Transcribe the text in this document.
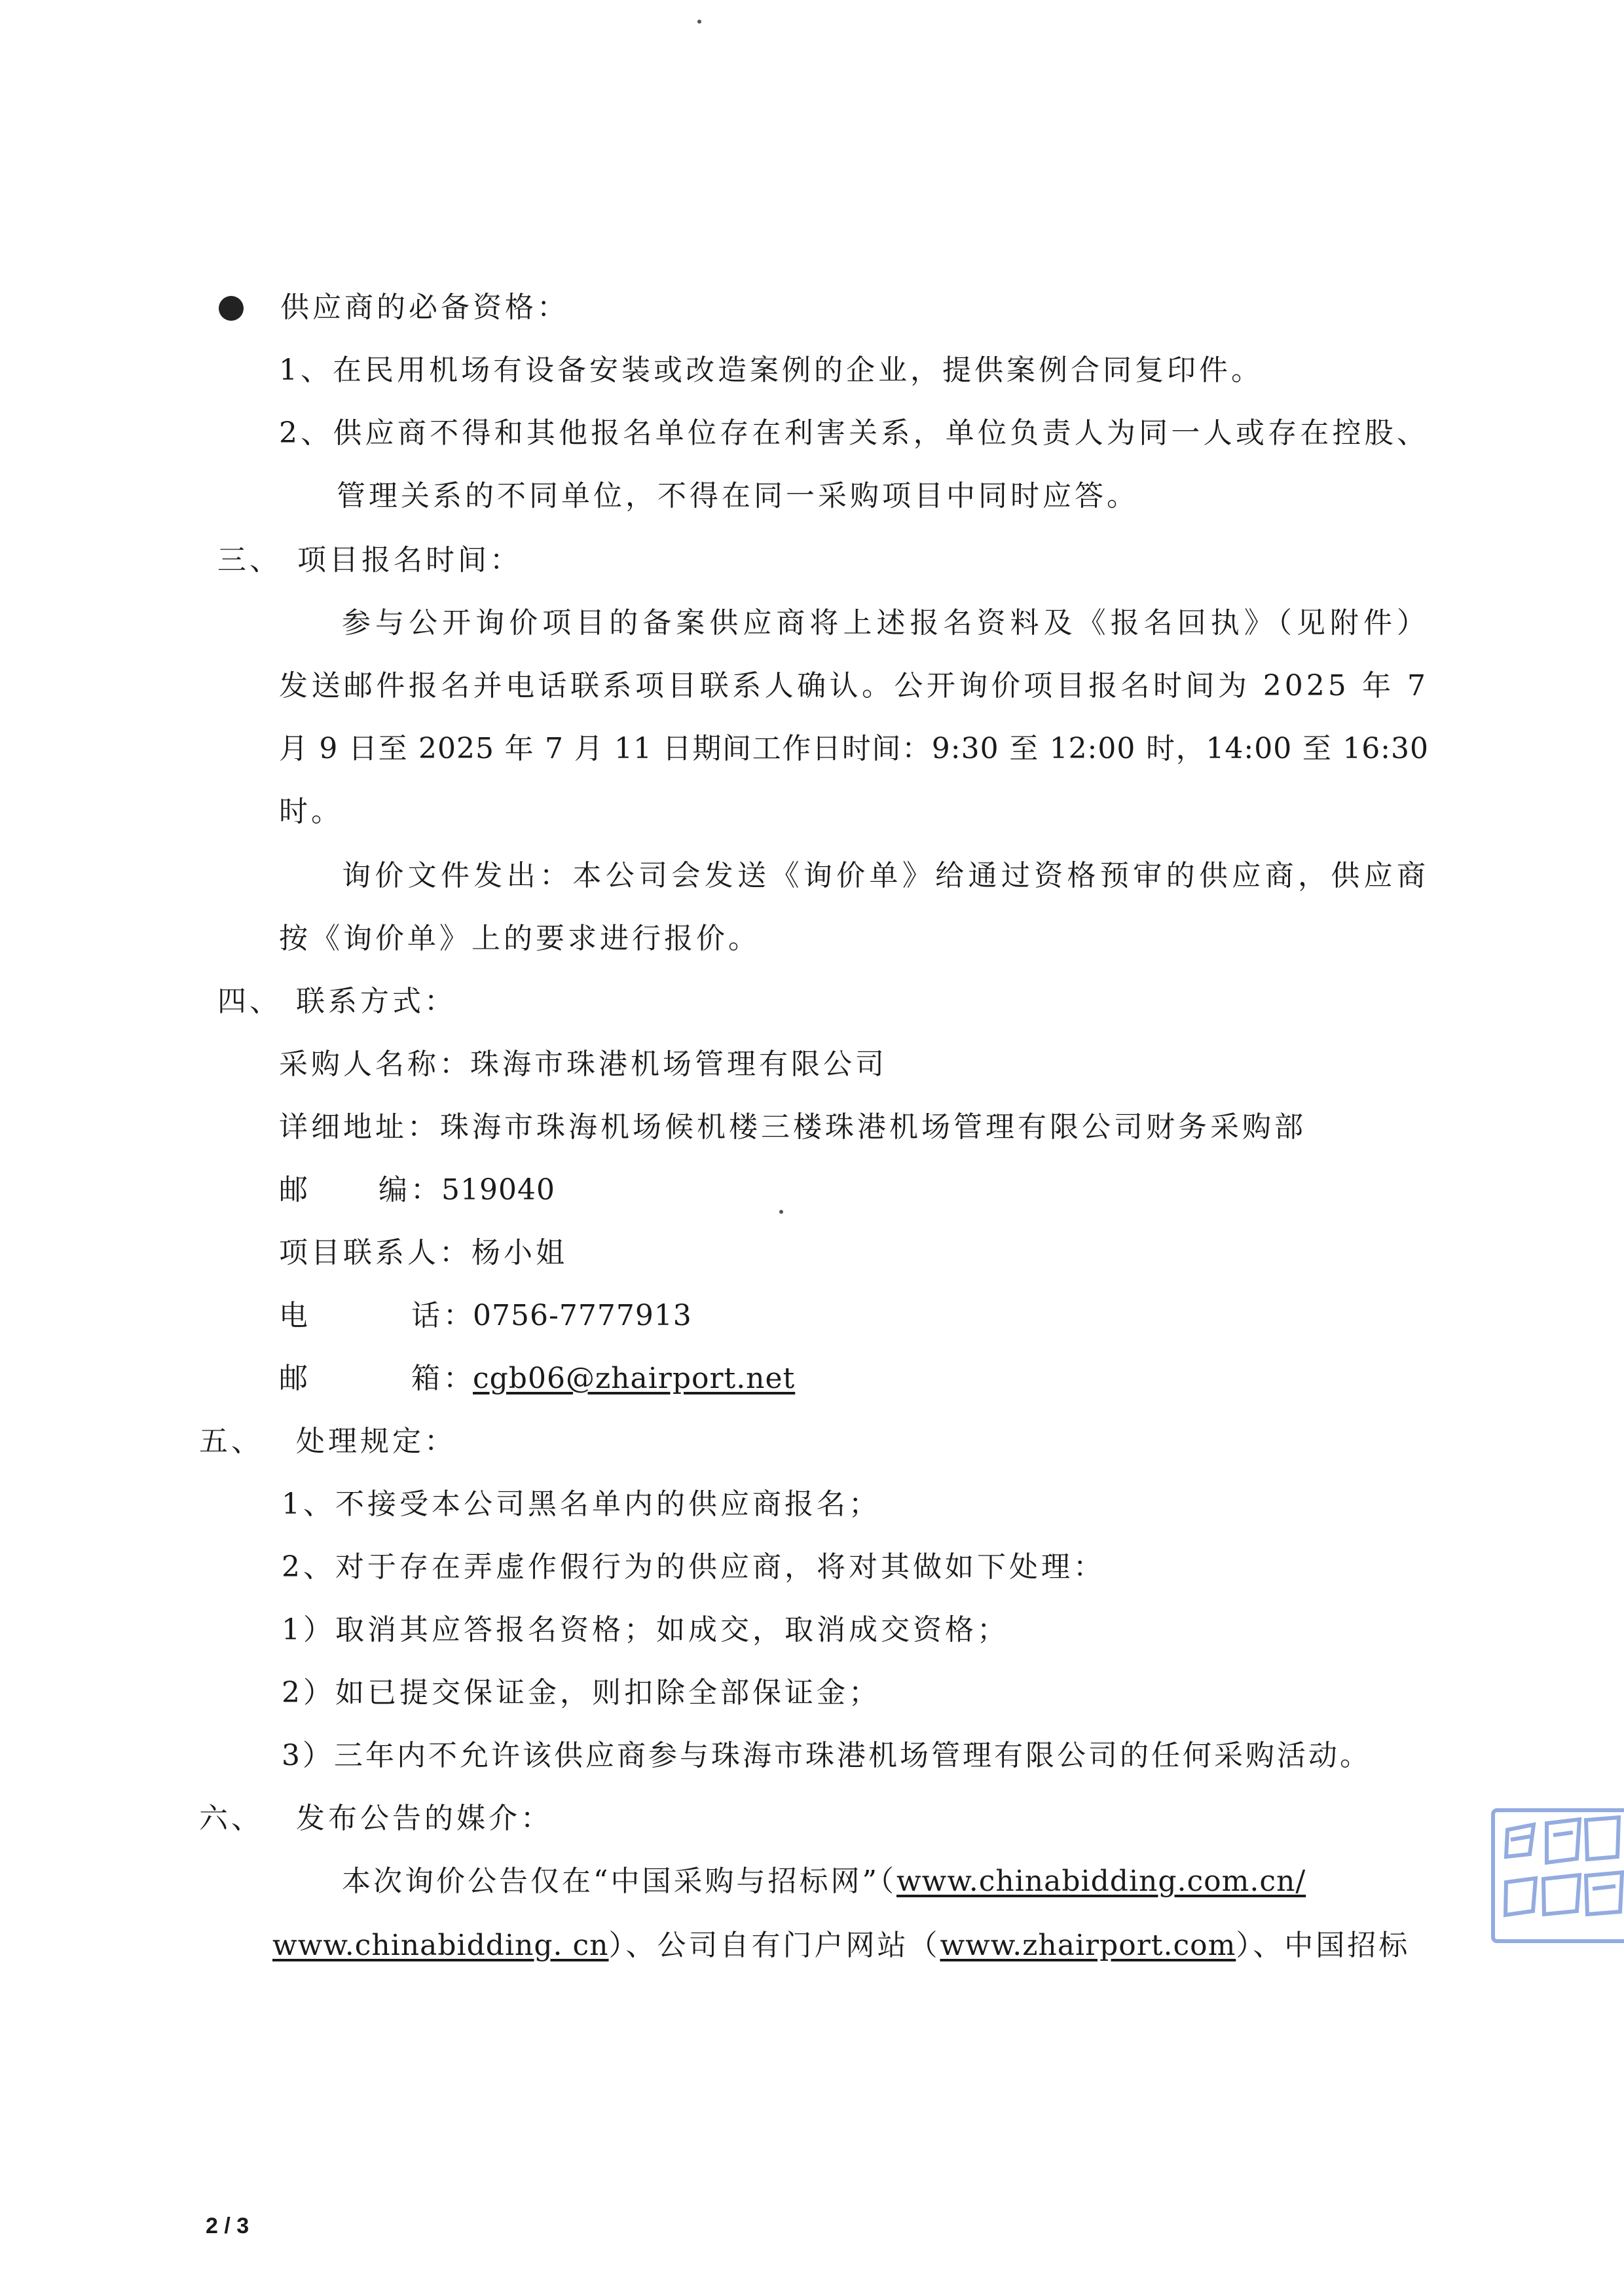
供应商的必备资格：
1、在民用机场有设备安装或改造案例的企业，提供案例合同复印件。
2、供应商不得和其他报名单位存在利害关系，单位负责人为同一人或存在控股、
管理关系的不同单位，不得在同一采购项目中同时应答。
三、 项目报名时间：
参与公开询价项目的备案供应商将上述报名资料及《报名回执》（见附件）
发送邮件报名并电话联系项目联系人确认。公开询价项目报名时间为 2025 年 7
月 9 日至 2025 年 7 月 11 日期间工作日时间：9:30 至 12:00 时，14:00 至 16:30
时。
询价文件发出：本公司会发送《询价单》给通过资格预审的供应商，供应商
按《询价单》上的要求进行报价。
四、 联系方式：
采购人名称：
珠海市珠港机场管理有限公司
详细地址： 珠海市珠海机场候机楼三楼珠港机场管理有限公司财务采购部
邮 编：
519040
项目联系人： 杨小姐
电	话：
0756-7777913
邮	箱：
cgb06@zhairport.net
五、 处理规定：
1、不接受本公司黑名单内的供应商报名；
2、对于存在弄虚作假行为的供应商，将对其做如下处理：
1）取消其应答报名资格；如成交，取消成交资格；
2）如已提交保证金，则扣除全部保证金；
3）三年内不允许该供应商参与珠海市珠港机场管理有限公司的任何采购活动。
六、 发布公告的媒介：
本次询价公告仅在“中国采购与招标网”（www.chinabidding.com.cn/
www.chinabidding. cn）、公司自有门户网站（www.zhairport.com）、中国招标
2 / 3
